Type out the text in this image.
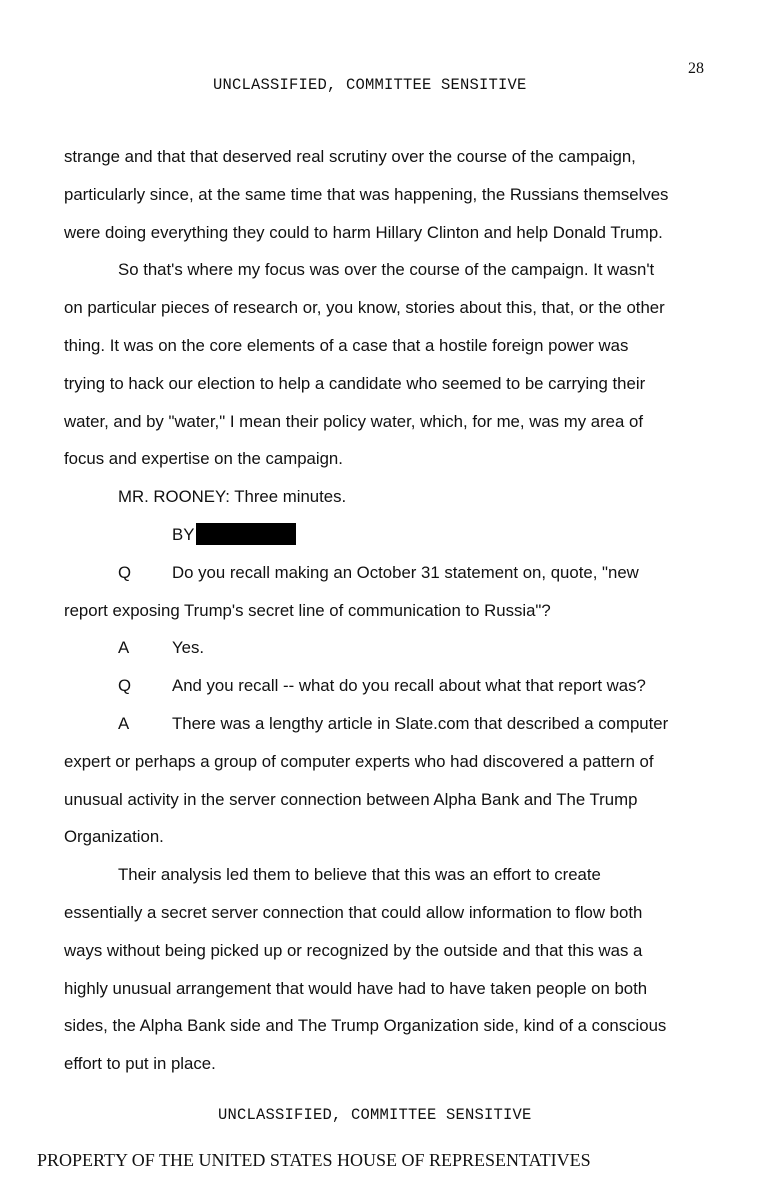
28
UNCLASSIFIED, COMMITTEE SENSITIVE
strange and that that deserved real scrutiny over the course of the campaign,
particularly since, at the same time that was happening, the Russians themselves
were doing everything they could to harm Hillary Clinton and help Donald Trump.
So that's where my focus was over the course of the campaign. It wasn't
on particular pieces of research or, you know, stories about this, that, or the other
thing. It was on the core elements of a case that a hostile foreign power was
trying to hack our election to help a candidate who seemed to be carrying their
water, and by "water," I mean their policy water, which, for me, was my area of
focus and expertise on the campaign.
MR. ROONEY: Three minutes.
BY
Q	Do you recall making an October 31 statement on, quote, "new
report exposing Trump's secret line of communication to Russia"?
A	Yes.
Q	And you recall -- what do you recall about what that report was?
A	There was a lengthy article in Slate.com that described a computer
expert or perhaps a group of computer experts who had discovered a pattern of
unusual activity in the server connection between Alpha Bank and The Trump
Organization.
Their analysis led them to believe that this was an effort to create
essentially a secret server connection that could allow information to flow both
ways without being picked up or recognized by the outside and that this was a
highly unusual arrangement that would have had to have taken people on both
sides, the Alpha Bank side and The Trump Organization side, kind of a conscious
effort to put in place.
UNCLASSIFIED, COMMITTEE SENSITIVE
PROPERTY OF THE UNITED STATES HOUSE OF REPRESENTATIVES
